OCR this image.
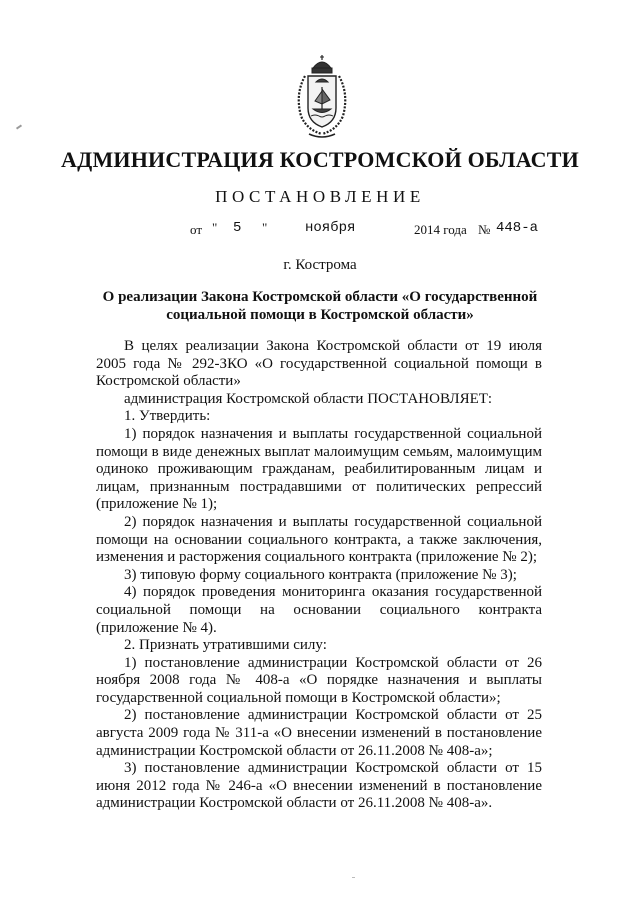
АДМИНИСТРАЦИЯ КОСТРОМСКОЙ ОБЛАСТИ
ПОСТАНОВЛЕНИЕ
от " 5 "	ноября	2014 года № 448-а
г. Кострома
О реализации Закона Костромской области «О государственной социальной помощи в Костромской области»

В целях реализации Закона Костромской области от 19 июля 2005 года № 292-ЗКО «О государственной социальной помощи в Костромской области»

администрация Костромской области ПОСТАНОВЛЯЕТ:

1. Утвердить:

1) порядок назначения и выплаты государственной социальной помощи в виде денежных выплат малоимущим семьям, малоимущим одиноко проживающим гражданам, реабилитированным лицам и лицам, признанным пострадавшими от политических репрессий (приложение № 1);

2) порядок назначения и выплаты государственной социальной помощи на основании социального контракта, а также заключения, изменения и расторжения социального контракта (приложение № 2);

3) типовую форму социального контракта (приложение № 3);

4) порядок проведения мониторинга оказания государственной социальной помощи на основании социального контракта (приложение № 4).

2. Признать утратившими силу:

1) постановление администрации Костромской области от 26 ноября 2008 года № 408-а «О порядке назначения и выплаты государственной социальной помощи в Костромской области»;

2) постановление администрации Костромской области от 25 августа 2009 года № 311-а «О внесении изменений в постановление администрации Костромской области от 26.11.2008 № 408-а»;

3) постановление администрации Костромской области от 15 июня 2012 года № 246-а «О внесении изменений в постановление администрации Костромской области от 26.11.2008 № 408-а».
